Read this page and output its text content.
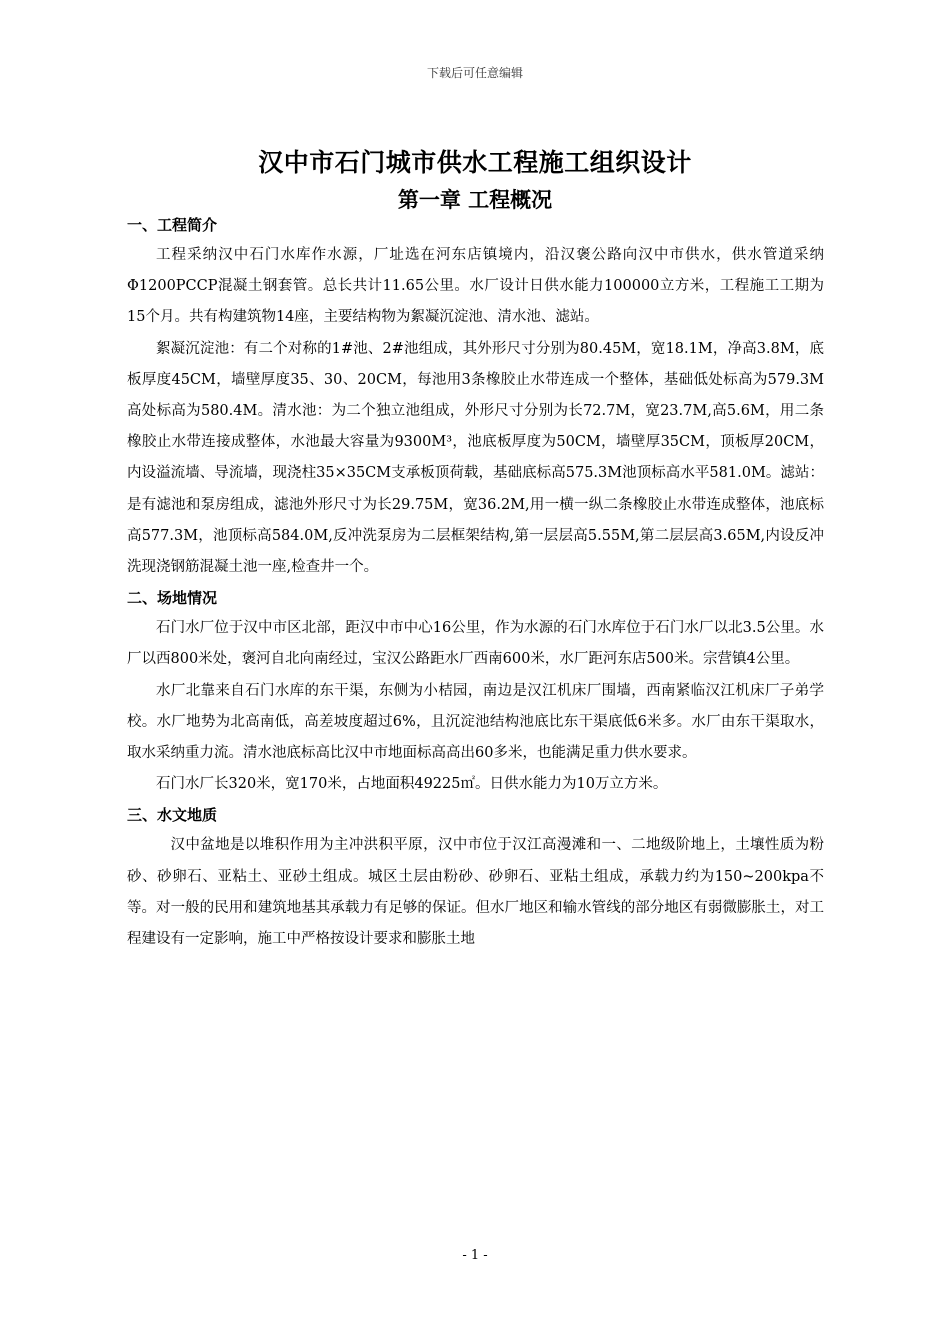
下载后可任意编辑
汉中市石门城市供水工程施工组织设计
第一章 工程概况
一、工程简介

工程采纳汉中石门水库作水源，厂址选在河东店镇境内，沿汉褒公路向汉中市供水，供水管道采纳Φ1200PCCP混凝土钢套管。总长共计11.65公里。水厂设计日供水能力100000立方米，工程施工工期为15个月。共有构建筑物14座，主要结构物为絮凝沉淀池、清水池、滤站。

絮凝沉淀池：有二个对称的1#池、2#池组成，其外形尺寸分别为80.45M，宽18.1M，净高3.8M，底板厚度45CM，墙壁厚度35、30、20CM，每池用3条橡胶止水带连成一个整体，基础低处标高为579.3M高处标高为580.4M。清水池：为二个独立池组成，外形尺寸分别为长72.7M，宽23.7M,高5.6M，用二条橡胶止水带连接成整体，水池最大容量为9300M³，池底板厚度为50CM，墙壁厚35CM，顶板厚20CM，内设溢流墙、导流墙，现浇柱35×35CM支承板顶荷载，基础底标高575.3M池顶标高水平581.0M。滤站：是有滤池和泵房组成，滤池外形尺寸为长29.75M，宽36.2M,用一横一纵二条橡胶止水带连成整体，池底标高577.3M，池顶标高584.0M,反冲洗泵房为二层框架结构,第一层层高5.55M,第二层层高3.65M,内设反冲洗现浇钢筋混凝土池一座,检查井一个。

二、场地情况

石门水厂位于汉中市区北部，距汉中市中心16公里，作为水源的石门水库位于石门水厂以北3.5公里。水厂以西800米处，褒河自北向南经过，宝汉公路距水厂西南600米，水厂距河东店500米。宗营镇4公里。

水厂北靠来自石门水库的东干渠，东侧为小桔园，南边是汉江机床厂围墙，西南紧临汉江机床厂子弟学校。水厂地势为北高南低，高差坡度超过6%，且沉淀池结构池底比东干渠底低6米多。水厂由东干渠取水，取水采纳重力流。清水池底标高比汉中市地面标高高出60多米，也能满足重力供水要求。

石门水厂长320米，宽170米，占地面积49225㎡。日供水能力为10万立方米。

三、水文地质

汉中盆地是以堆积作用为主冲洪积平原，汉中市位于汉江高漫滩和一、二地级阶地上，土壤性质为粉砂、砂卵石、亚粘土、亚砂土组成。城区土层由粉砂、砂卵石、亚粘土组成，承载力约为150~200kpa不等。对一般的民用和建筑地基其承载力有足够的保证。但水厂地区和输水管线的部分地区有弱微膨胀土，对工程建设有一定影响，施工中严格按设计要求和膨胀土地

- 1 -
